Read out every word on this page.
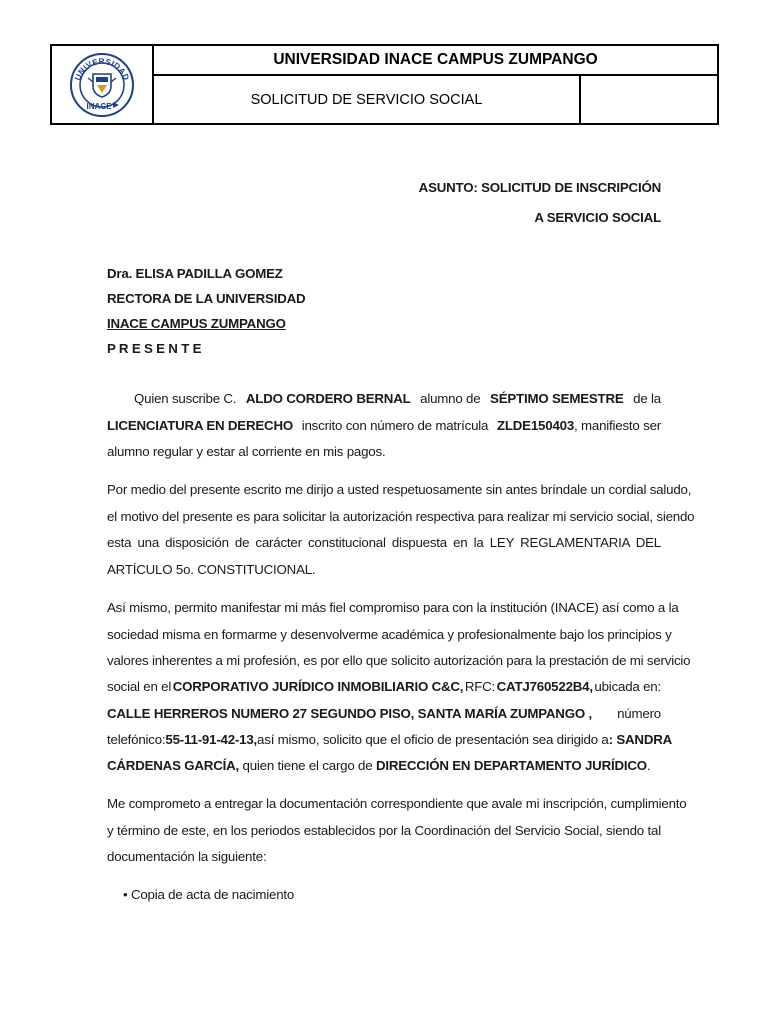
UNIVERSIDAD
INACE
UNIVERSIDAD INACE CAMPUS ZUMPANGO
SOLICITUD DE SERVICIO SOCIAL
ASUNTO: SOLICITUD DE INSCRIPCIÓN
A SERVICIO SOCIAL
Dra. ELISA PADILLA GOMEZ
RECTORA DE LA UNIVERSIDAD
INACE CAMPUS ZUMPANGO
P R E S E N T E
Quien suscribe C. ALDO CORDERO BERNAL alumno de SÉPTIMO SEMESTRE de la
LICENCIATURA EN DERECHO inscrito con número de matrícula ZLDE150403, manifiesto ser
alumno regular y estar al corriente en mis pagos.
Por medio del presente escrito me dirijo a usted respetuosamente sin antes bríndale un cordial saludo,
el motivo del presente es para solicitar la autorización respectiva para realizar mi servicio social, siendo
esta una disposición de carácter constitucional dispuesta en la LEY REGLAMENTARIA DEL
ARTÍCULO 5o. CONSTITUCIONAL.
Así mismo, permito manifestar mi más fiel compromiso para con la institución (INACE) así como a la
sociedad misma en formarme y desenvolverme académica y profesionalmente bajo los principios y
valores inherentes a mi profesión, es por ello que solicito autorización para la prestación de mi servicio
social en el CORPORATIVO JURÍDICO INMOBILIARIO C&C, RFC: CATJ760522B4, ubicada en:
CALLE HERREROS NUMERO 27 SEGUNDO PISO, SANTA MARÍA ZUMPANGO , número
telefónico: 55-11-91-42-13, así mismo, solicito que el oficio de presentación sea dirigido a : SANDRA
CÁRDENAS GARCÍA, quien tiene el cargo de DIRECCIÓN EN DEPARTAMENTO JURÍDICO.
Me comprometo a entregar la documentación correspondiente que avale mi inscripción, cumplimiento
y término de este, en los periodos establecidos por la Coordinación del Servicio Social, siendo tal
documentación la siguiente:
• Copia de acta de nacimiento
